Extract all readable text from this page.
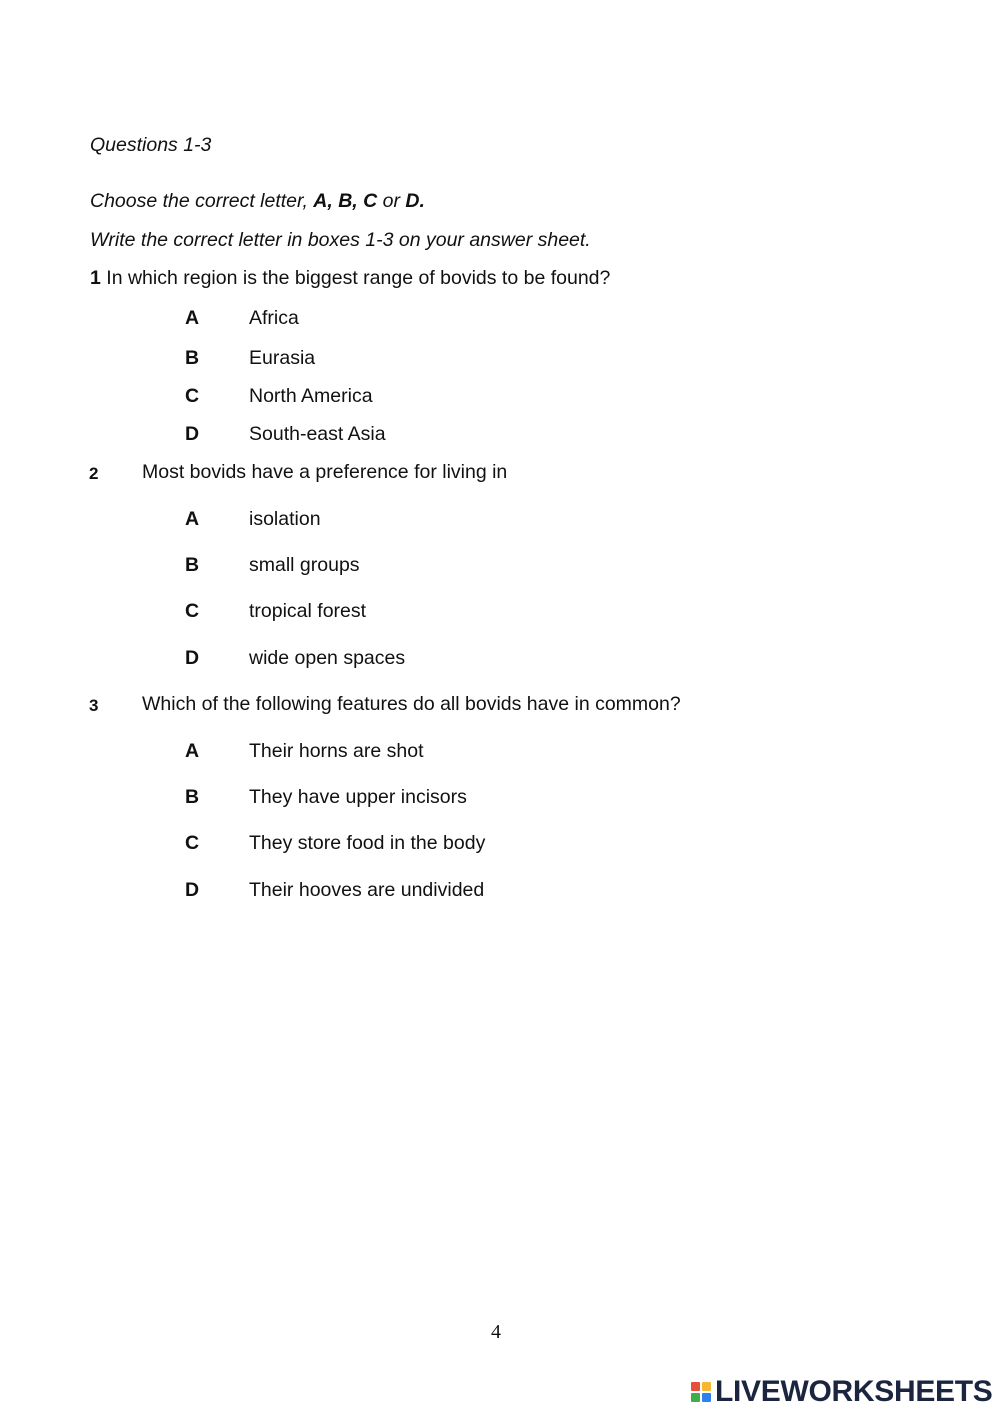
Questions 1-3
Choose the correct letter, A, B, C or D.
Write the correct letter in boxes 1-3 on your answer sheet.
1 In which region is the biggest range of bovids to be found?
A	Africa
B	Eurasia
C	North America
D	South-east Asia
2 Most bovids have a preference for living in
A	isolation
B	small groups
C	tropical forest
D	wide open spaces
3 Which of the following features do all bovids have in common?
A	Their horns are shot
B	They have upper incisors
C	They store food in the body
D	Their hooves are undivided
4
LIVEWORKSHEETS
